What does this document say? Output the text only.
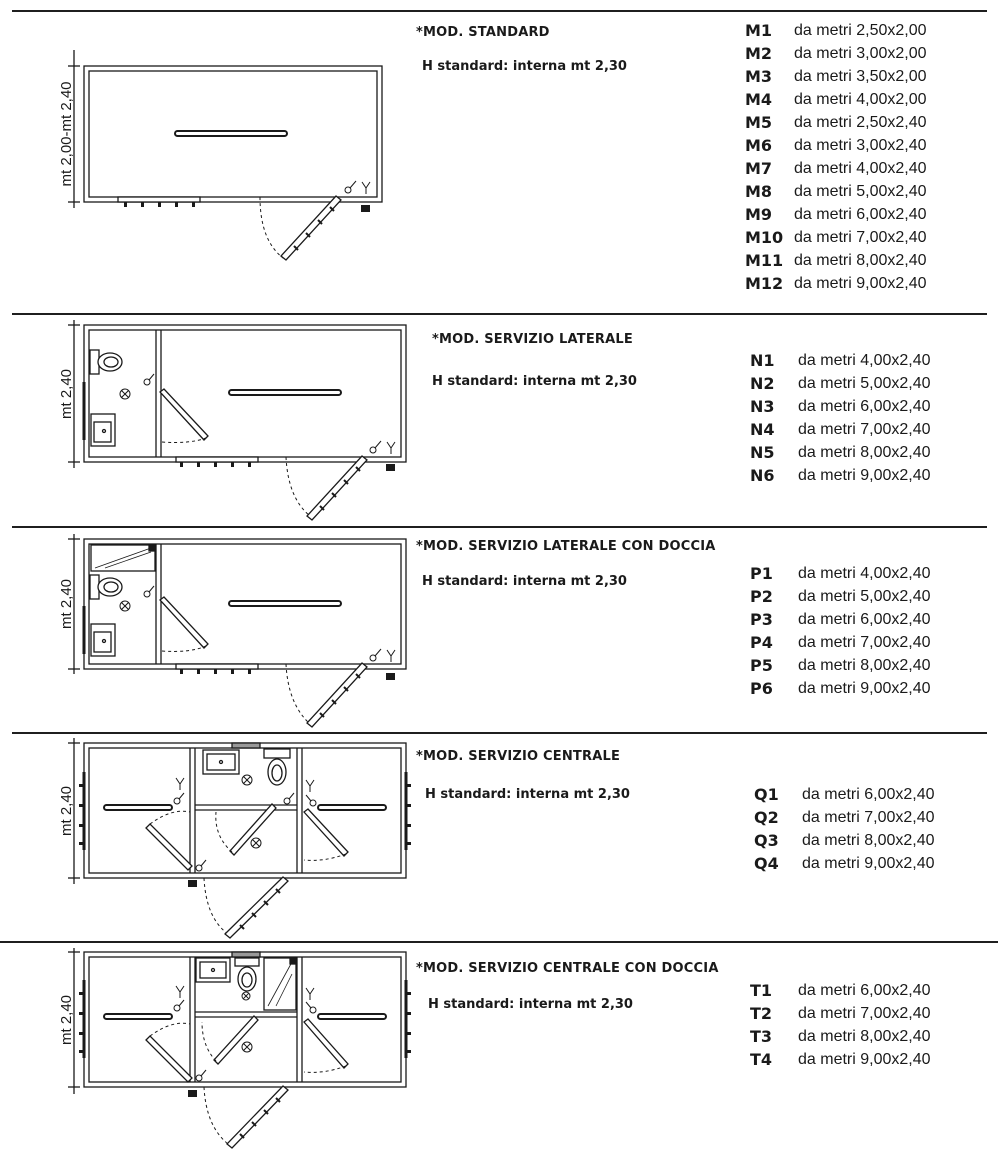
mt 2,00-mt 2,40
*MOD. STANDARD
H standard: interna mt 2,30
M1 da metri 2,50x2,00
M2 da metri 3,00x2,00
M3 da metri 3,50x2,00
M4 da metri 4,00x2,00
M5 da metri 2,50x2,40
M6 da metri 3,00x2,40
M7 da metri 4,00x2,40
M8 da metri 5,00x2,40
M9 da metri 6,00x2,40
M10 da metri 7,00x2,40
M11 da metri 8,00x2,40
M12 da metri 9,00x2,40
mt 2,40
*MOD. SERVIZIO LATERALE
H standard: interna mt 2,30
N1 da metri 4,00x2,40
N2 da metri 5,00x2,40
N3 da metri 6,00x2,40
N4 da metri 7,00x2,40
N5 da metri 8,00x2,40
N6 da metri 9,00x2,40
mt 2,40
*MOD. SERVIZIO LATERALE CON DOCCIA
H standard: interna mt 2,30	P1 da metri 4,00x2,40
P2 da metri 5,00x2,40
P3 da metri 6,00x2,40
P4 da metri 7,00x2,40
P5 da metri 8,00x2,40
P6 da metri 9,00x2,40
mt 2,40
*MOD. SERVIZIO CENTRALE
H standard: interna mt 2,30	Q1 da metri 6,00x2,40
Q2 da metri 7,00x2,40
Q3 da metri 8,00x2,40
Q4 da metri 9,00x2,40
mt 2,40
*MOD. SERVIZIO CENTRALE CON DOCCIA
H standard: interna mt 2,30
T1 da metri 6,00x2,40
T2 da metri 7,00x2,40
T3 da metri 8,00x2,40
T4 da metri 9,00x2,40
